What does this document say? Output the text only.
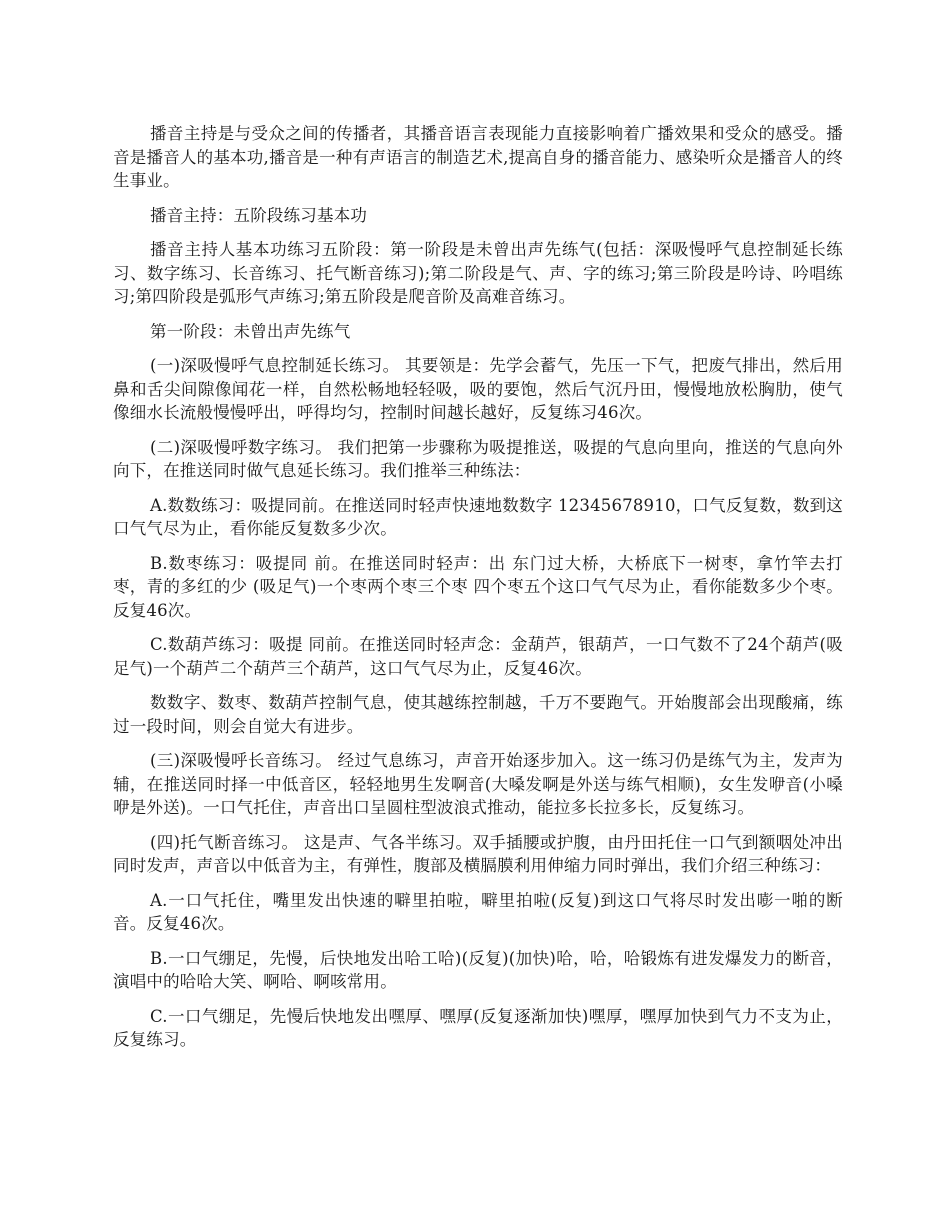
播音主持是与受众之间的传播者，其播音语言表现能力直接影响着广播效果和受众的感受。播音是播音人的基本功,播音是一种有声语言的制造艺术,提高自身的播音能力、感染听众是播音人的终生事业。

播音主持：五阶段练习基本功

播音主持人基本功练习五阶段：第一阶段是未曾出声先练气(包括：深吸慢呼气息控制延长练习、数字练习、长音练习、托气断音练习);第二阶段是气、声、字的练习;第三阶段是吟诗、吟唱练习;第四阶段是弧形气声练习;第五阶段是爬音阶及高难音练习。

第一阶段：未曾出声先练气

(一)深吸慢呼气息控制延长练习。 其要领是：先学会蓄气，先压一下气，把废气排出，然后用鼻和舌尖间隙像闻花一样，自然松畅地轻轻吸，吸的要饱，然后气沉丹田，慢慢地放松胸肋，使气像细水长流般慢慢呼出，呼得均匀，控制时间越长越好，反复练习46次。

(二)深吸慢呼数字练习。 我们把第一步骤称为吸提推送，吸提的气息向里向，推送的气息向外向下，在推送同时做气息延长练习。我们推举三种练法：

A.数数练习：吸提同前。在推送同时轻声快速地数数字 12345678910，口气反复数，数到这口气气尽为止，看你能反复数多少次。

B.数枣练习：吸提同 前。在推送同时轻声：出 东门过大桥，大桥底下一树枣，拿竹竿去打枣，青的多红的少 (吸足气)一个枣两个枣三个枣 四个枣五个这口气气尽为止，看你能数多少个枣。反复46次。

C.数葫芦练习：吸提 同前。在推送同时轻声念：金葫芦，银葫芦，一口气数不了24个葫芦(吸足气)一个葫芦二个葫芦三个葫芦，这口气气尽为止，反复46次。

数数字、数枣、数葫芦控制气息，使其越练控制越，千万不要跑气。开始腹部会出现酸痛，练过一段时间，则会自觉大有进步。

(三)深吸慢呼长音练习。 经过气息练习，声音开始逐步加入。这一练习仍是练气为主，发声为辅，在推送同时择一中低音区，轻轻地男生发啊音(大嗓发啊是外送与练气相顺)，女生发咿音(小嗓咿是外送)。一口气托住，声音出口呈圆柱型波浪式推动，能拉多长拉多长，反复练习。

(四)托气断音练习。 这是声、气各半练习。双手插腰或护腹，由丹田托住一口气到额咽处冲出同时发声，声音以中低音为主，有弹性，腹部及横膈膜利用伸缩力同时弹出，我们介绍三种练习：

A.一口气托住，嘴里发出快速的噼里拍啦，噼里拍啦(反复)到这口气将尽时发出嘭一啪的断音。反复46次。

B.一口气绷足，先慢，后快地发出哈工哈)(反复)(加快)哈，哈，哈锻炼有进发爆发力的断音，演唱中的哈哈大笑、啊哈、啊咳常用。

C.一口气绷足，先慢后快地发出嘿厚、嘿厚(反复逐渐加快)嘿厚，嘿厚加快到气力不支为止，反复练习。
